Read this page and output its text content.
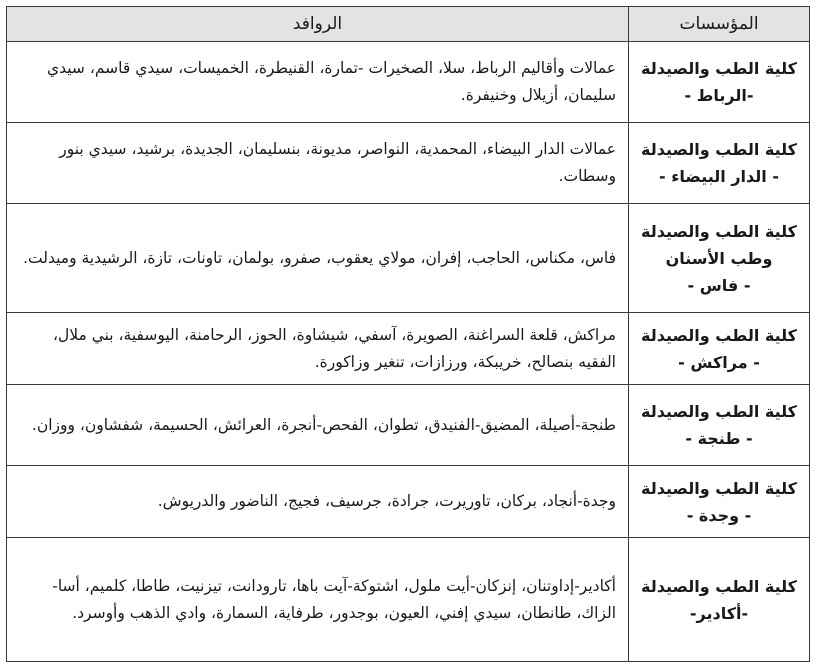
المؤسسات	الروافد

كلية الطب والصيدلة
-الرباط -	عمالات وأقاليم الرباط، سلا، الصخيرات -تمارة، القنيطرة، الخميسات، سيدي قاسم، سيدي سليمان، أزيلال وخنيفرة.

كلية الطب والصيدلة
- الدار البيضاء -	عمالات الدار البيضاء، المحمدية، النواصر، مديونة، بنسليمان، الجديدة، برشيد، سيدي بنور وسطات.

كلية الطب والصيدلة
وطب الأسنان
- فاس -	فاس، مكناس، الحاجب، إفران، مولاي يعقوب، صفرو، بولمان، تاونات، تازة، الرشيدية وميدلت.

كلية الطب والصيدلة
- مراكش -	مراكش، قلعة السراغنة، الصويرة، آسفي، شيشاوة، الحوز، الرحامنة، اليوسفية، بني ملال، الفقيه بنصالح، خريبكة، ورزازات، تنغير وزاكورة.

كلية الطب والصيدلة
- طنجة -	طنجة-أصيلة، المضيق-الفنيدق، تطوان، الفحص-أنجرة، العرائش، الحسيمة، شفشاون، ووزان.

كلية الطب والصيدلة
- وجدة -	وجدة-أنجاد، بركان، تاوريرت، جرادة، جرسيف، فجيج، الناضور والدريوش.

كلية الطب والصيدلة
-أكادير-	أكادير-إداوتنان، إنزكان-أيت ملول، اشتوكة-آيت باها، تارودانت، تيزنيت، طاطا، كلميم، أسا-الزاك، طانطان، سيدي إفني، العيون، بوجدور، طرفاية، السمارة، وادي الذهب وأوسرد.
